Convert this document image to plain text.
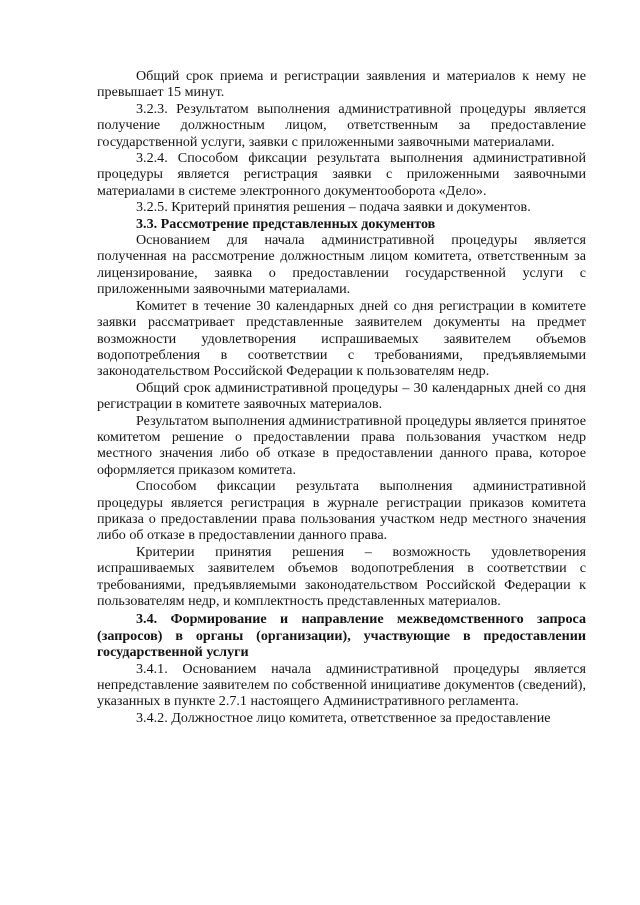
Общий срок приема и регистрации заявления и материалов к нему не превышает 15 минут.

3.2.3. Результатом выполнения административной процедуры является получение должностным лицом, ответственным за предоставление государственной услуги, заявки с приложенными заявочными материалами.

3.2.4. Способом фиксации результата выполнения административной процедуры является регистрация заявки с приложенными заявочными материалами в системе электронного документооборота «Дело».

3.2.5. Критерий принятия решения – подача заявки и документов.

3.3. Рассмотрение представленных документов

Основанием для начала административной процедуры является полученная на рассмотрение должностным лицом комитета, ответственным за лицензирование, заявка о предоставлении государственной услуги с приложенными заявочными материалами.

Комитет в течение 30 календарных дней со дня регистрации в комитете заявки рассматривает представленные заявителем документы на предмет возможности удовлетворения испрашиваемых заявителем объемов водопотребления в соответствии с требованиями, предъявляемыми законодательством Российской Федерации к пользователям недр.

Общий срок административной процедуры – 30 календарных дней со дня регистрации в комитете заявочных материалов.

Результатом выполнения административной процедуры является принятое комитетом решение о предоставлении права пользования участком недр местного значения либо об отказе в предоставлении данного права, которое оформляется приказом комитета.

Способом фиксации результата выполнения административной процедуры является регистрация в журнале регистрации приказов комитета приказа о предоставлении права пользования участком недр местного значения либо об отказе в предоставлении данного права.

Критерии принятия решения – возможность удовлетворения испрашиваемых заявителем объемов водопотребления в соответствии с требованиями, предъявляемыми законодательством Российской Федерации к пользователям недр, и комплектность представленных материалов.

3.4. Формирование и направление межведомственного запроса (запросов) в органы (организации), участвующие в предоставлении государственной услуги

3.4.1. Основанием начала административной процедуры является непредставление заявителем по собственной инициативе документов (сведений), указанных в пункте 2.7.1 настоящего Административного регламента.

3.4.2. Должностное лицо комитета, ответственное за предоставление
